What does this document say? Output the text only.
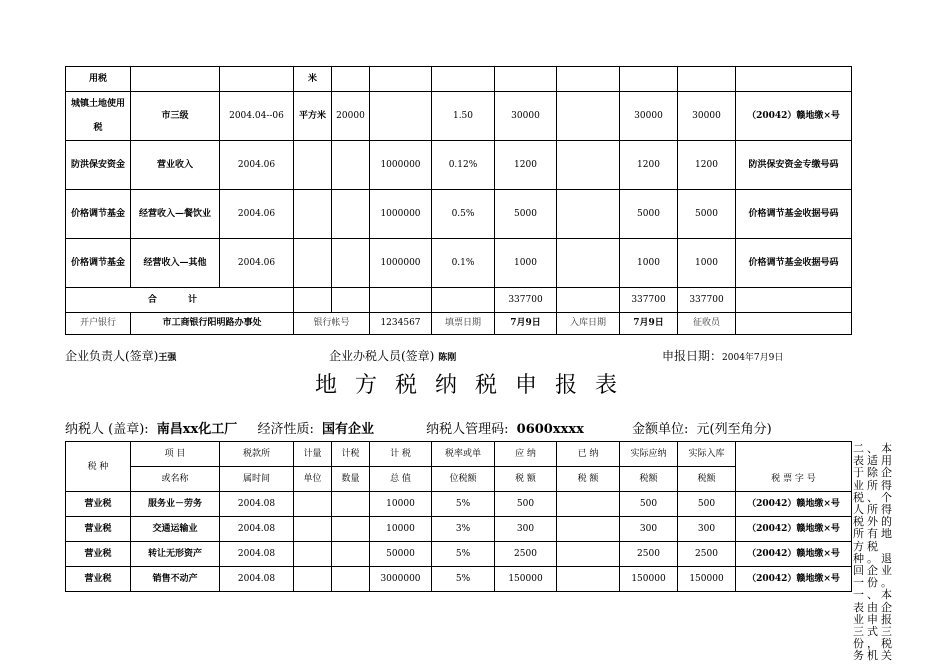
用税			米								
城镇土地使用税	市三级	2004.04--06	平方米	20000		1.50	30000		30000	30000	（20042）赣地缴×号
防洪保安资金	营业收入	2004.06			1000000	0.12%	1200		1200	1200	防洪保安资金专缴号码
价格调节基金	经营收入—餐饮业	2004.06			1000000	0.5%	5000		5000	5000	价格调节基金收据号码
价格调节基金	经营收入—其他	2004.06			1000000	0.1%	1000		1000	1000	价格调节基金收据号码
合 计							337700		337700	337700	
开户银行	市工商银行阳明路办事处		银行帐号		1234567	填票日期	7月9日	入库日期	7月9日	征收员	
企业负责人(签章)王强	企业办税人员(签章) 陈刚	申报日期：2004年7月9日
地方税纳税申报表
纳税人 (盖章): 南昌xx化工厂 经济性质: 国有企业	纳税人管理码: 0600xxxx	金额单位: 元(列至角分)
税 种	项 目	税款所	计量	计税	计 税	税率或单	应 纳	已 纳	实际应纳	实际入库	税 票 字 号
	或名称	属时间	单位	数量	总 值	位税额	税 额	税 额	税额	税额	
营业税	服务业－劳务	2004.08			10000	5%	500		500	500	（20042）赣地缴×号
营业税	交通运输业	2004.08			10000	3%	300		300	300	（20042）赣地缴×号
营业税	转让无形资产	2004.08			50000	5%	2500		2500	2500	（20042）赣地缴×号
营业税	销售不动产	2004.08			3000000	5%	150000		150000	150000	（20042）赣地缴×号
二、本表适用于除企业所得税、个人所得税外的所有地方税种。退回企业一份。一、本表由企业申报三式三份，税务机关
